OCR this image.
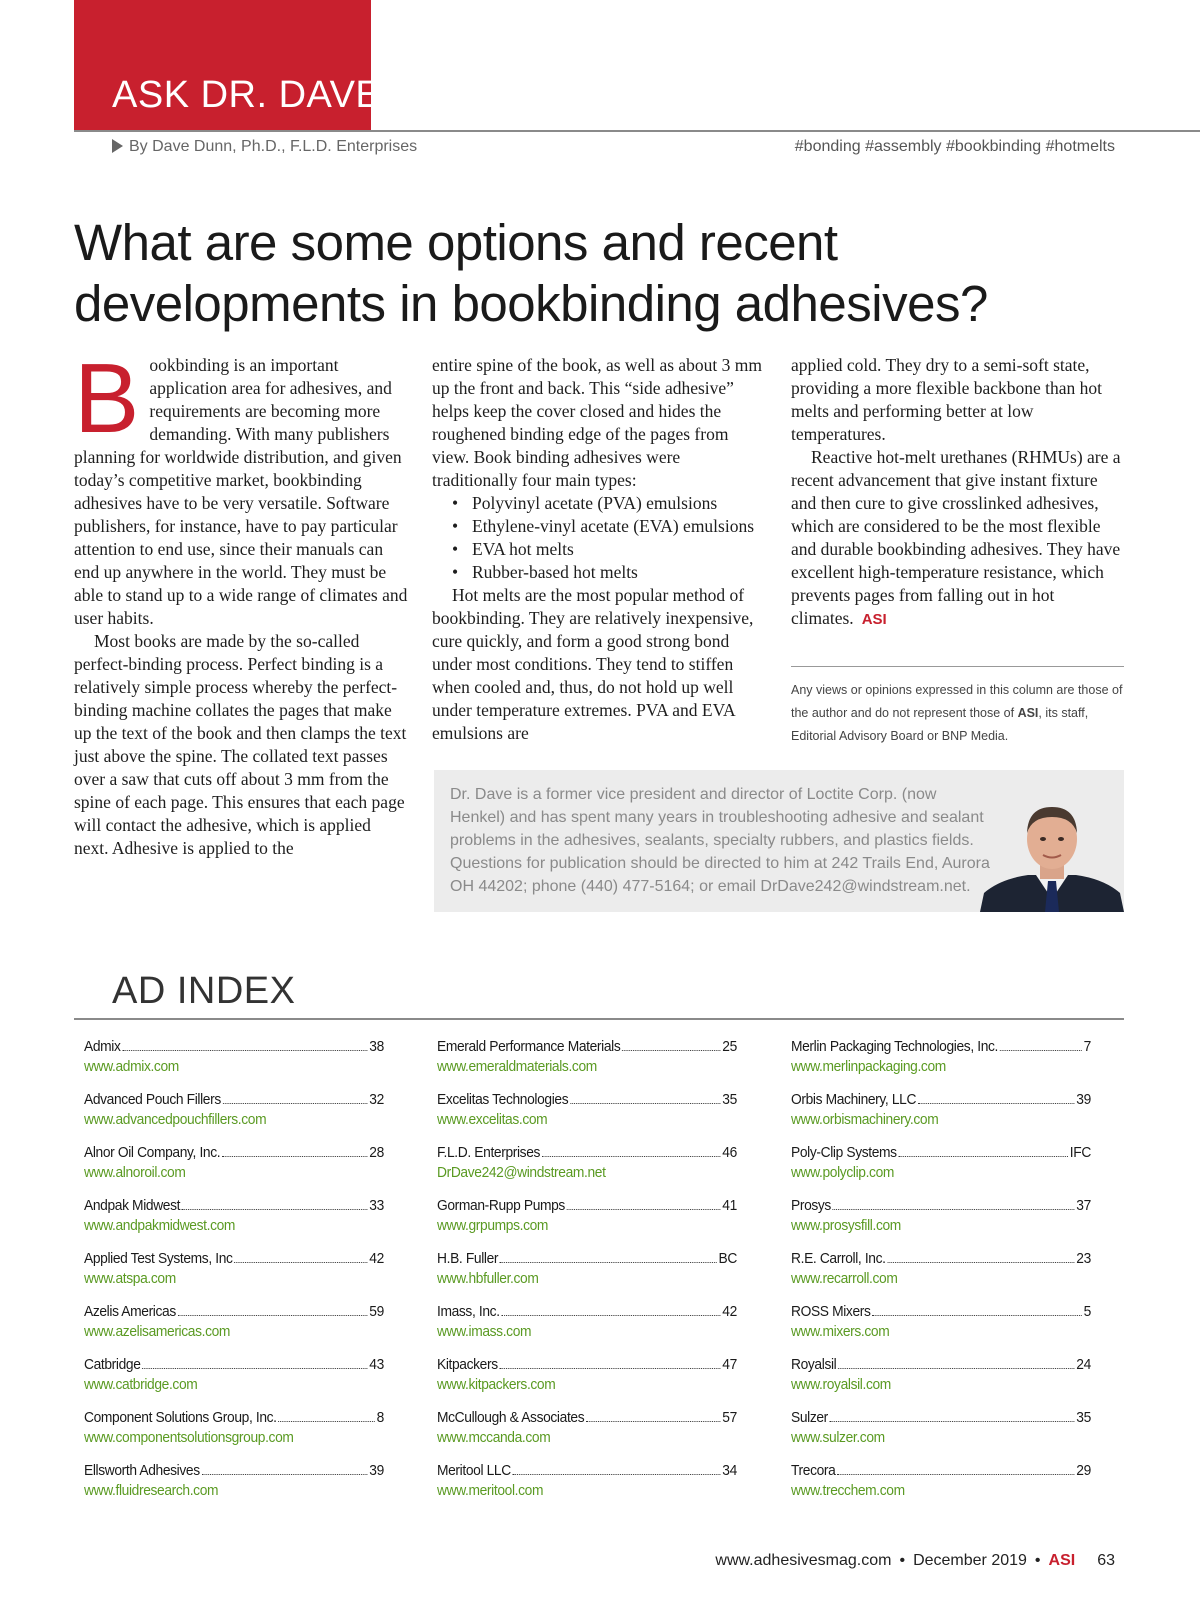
ASK DR. DAVE
By Dave Dunn, Ph.D., F.L.D. Enterprises	#bonding #assembly #bookbinding #hotmelts
What are some options and recent developments in bookbinding adhesives?

Bookbinding is an important application area for adhesives, and requirements are becoming more demanding. With many publishers planning for worldwide distribution, and given today’s competitive market, bookbinding adhesives have to be very versatile. Software publishers, for instance, have to pay particular attention to end use, since their manuals can end up anywhere in the world. They must be able to stand up to a wide range of climates and user habits.

Most books are made by the so-called perfect-binding process. Perfect binding is a relatively simple process whereby the perfect-binding machine collates the pages that make up the text of the book and then clamps the text just above the spine. The collated text passes over a saw that cuts off about 3 mm from the spine of each page. This ensures that each page will contact the adhesive, which is applied next. Adhesive is applied to the

entire spine of the book, as well as about 3 mm up the front and back. This “side adhesive” helps keep the cover closed and hides the roughened binding edge of the pages from view. Book binding adhesives were traditionally four main types:

• Polyvinyl acetate (PVA) emulsions
• Ethylene-vinyl acetate (EVA) emulsions
• EVA hot melts
• Rubber-based hot melts

Hot melts are the most popular method of bookbinding. They are relatively inexpensive, cure quickly, and form a good strong bond under most conditions. They tend to stiffen when cooled and, thus, do not hold up well under temperature extremes. PVA and EVA emulsions are

applied cold. They dry to a semi-soft state, providing a more flexible backbone than hot melts and performing better at low temperatures.

Reactive hot-melt urethanes (RHMUs) are a recent advancement that give instant fixture and then cure to give crosslinked adhesives, which are considered to be the most flexible and durable bookbinding adhesives. They have excellent high-temperature resistance, which prevents pages from falling out in hot climates. ASI

Any views or opinions expressed in this column are those of the author and do not represent those of ASI, its staff, Editorial Advisory Board or BNP Media.
Dr. Dave is a former vice president and director of Loctite Corp. (now Henkel) and has spent many years in troubleshooting adhesive and sealant problems in the adhesives, sealants, specialty rubbers, and plastics fields. Questions for publication should be directed to him at 242 Trails End, Aurora OH 44202; phone (440) 477-5164; or email DrDave242@windstream.net.
AD INDEX
Admix	38
www.admix.com
Advanced Pouch Fillers	32
www.advancedpouchfillers.com
Alnor Oil Company, Inc.	28
www.alnoroil.com
Andpak Midwest	33
www.andpakmidwest.com
Applied Test Systems, Inc	42
www.atspa.com
Azelis Americas	59
www.azelisamericas.com
Catbridge	43
www.catbridge.com
Component Solutions Group, Inc.	8
www.componentsolutionsgroup.com
Ellsworth Adhesives	39
www.fluidresearch.com
Emerald Performance Materials	25
www.emeraldmaterials.com
Excelitas Technologies	35
www.excelitas.com
F.L.D. Enterprises	46
DrDave242@windstream.net
Gorman-Rupp Pumps	41
www.grpumps.com
H.B. Fuller	BC
www.hbfuller.com
Imass, Inc.	42
www.imass.com
Kitpackers	47
www.kitpackers.com
McCullough & Associates	57
www.mccanda.com
Meritool LLC	34
www.meritool.com
Merlin Packaging Technologies, Inc.	7
www.merlinpackaging.com
Orbis Machinery, LLC	39
www.orbismachinery.com
Poly-Clip Systems	IFC
www.polyclip.com
Prosys	37
www.prosysfill.com
R.E. Carroll, Inc.	23
www.recarroll.com
ROSS Mixers	5
www.mixers.com
Royalsil	24
www.royalsil.com
Sulzer	35
www.sulzer.com
Trecora	29
www.trecchem.com
www.adhesivesmag.com • December 2019 • ASI 63
